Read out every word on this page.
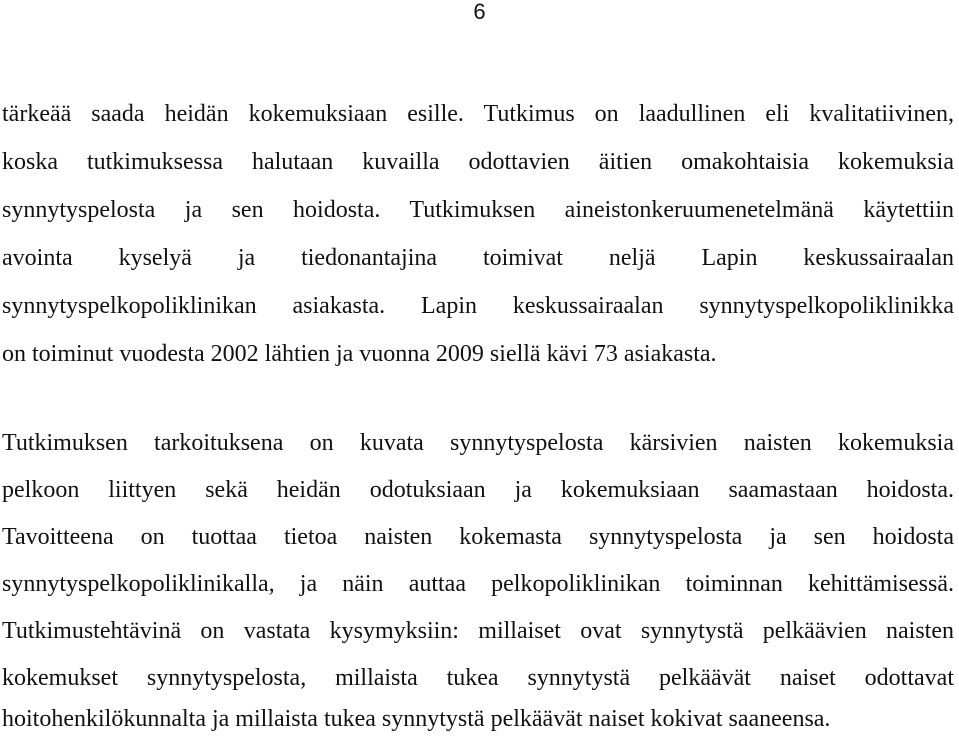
6
tärkeää saada heidän kokemuksiaan esille. Tutkimus on laadullinen eli kvalitatiivinen,
koska tutkimuksessa halutaan kuvailla odottavien äitien omakohtaisia kokemuksia
synnytyspelosta ja sen hoidosta. Tutkimuksen aineistonkeruumenetelmänä käytettiin
avointa kyselyä ja tiedonantajina toimivat neljä Lapin keskussairaalan
synnytyspelkopoliklinikan asiakasta. Lapin keskussairaalan synnytyspelkopoliklinikka
on toiminut vuodesta 2002 lähtien ja vuonna 2009 siellä kävi 73 asiakasta.
Tutkimuksen tarkoituksena on kuvata synnytyspelosta kärsivien naisten kokemuksia
pelkoon liittyen sekä heidän odotuksiaan ja kokemuksiaan saamastaan hoidosta.
Tavoitteena on tuottaa tietoa naisten kokemasta synnytyspelosta ja sen hoidosta
synnytyspelkopoliklinikalla, ja näin auttaa pelkopoliklinikan toiminnan kehittämisessä.
Tutkimustehtävinä on vastata kysymyksiin: millaiset ovat synnytystä pelkäävien naisten
kokemukset synnytyspelosta, millaista tukea synnytystä pelkäävät naiset odottavat
hoitohenkilökunnalta ja millaista tukea synnytystä pelkäävät naiset kokivat saaneensa.
